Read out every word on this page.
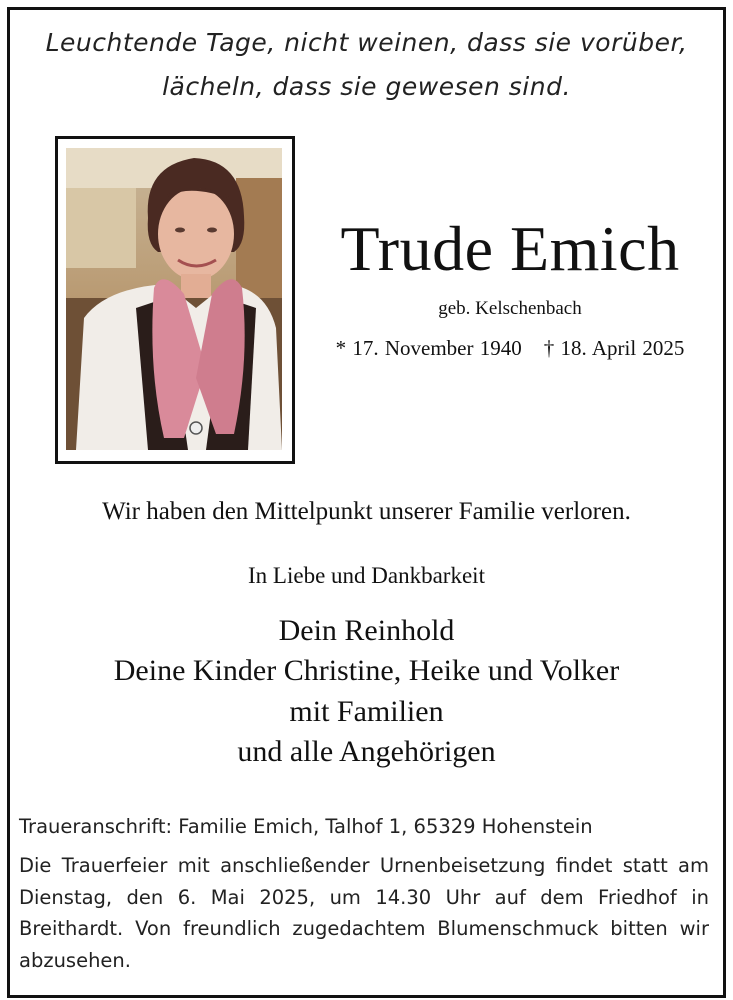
Leuchtende Tage, nicht weinen, dass sie vorüber,
lächeln, dass sie gewesen sind.
Trude Emich
geb. Kelschenbach
* 17. November 1940 † 18. April 2025
Wir haben den Mittelpunkt unserer Familie verloren.
In Liebe und Dankbarkeit
Dein Reinhold
Deine Kinder Christine, Heike und Volker
mit Familien
und alle Angehörigen
Traueranschrift: Familie Emich, Talhof 1, 65329 Hohenstein
Die Trauerfeier mit anschließender Urnenbeisetzung findet statt am Dienstag, den 6. Mai 2025, um 14.30 Uhr auf dem Friedhof in Breithardt. Von freundlich zugedachtem Blumenschmuck bitten wir abzusehen.
